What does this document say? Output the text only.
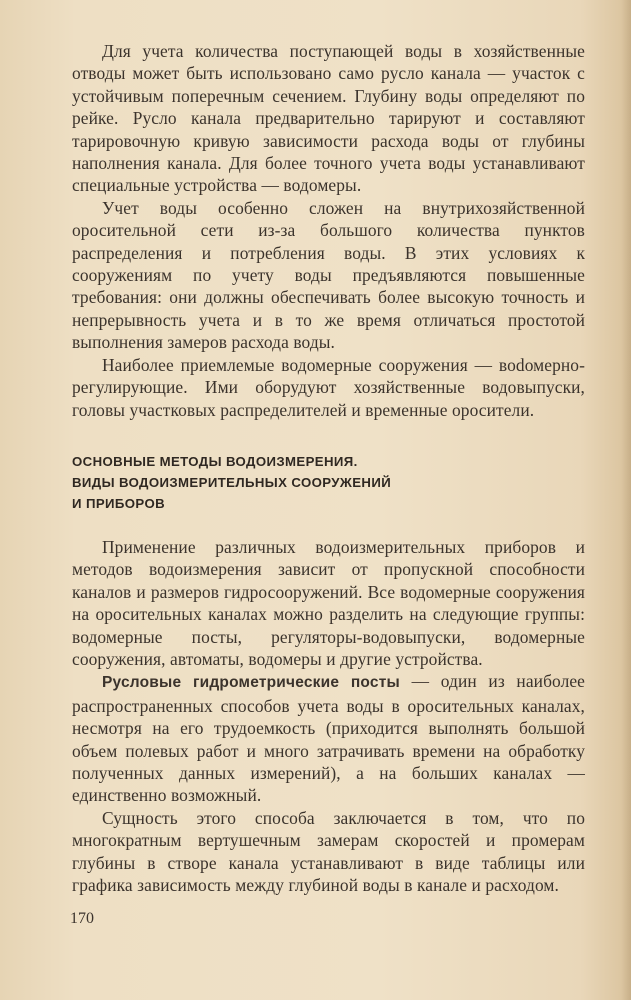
Для учета количества поступающей воды в хозяйственные отводы может быть использовано само русло канала — участок с устойчивым поперечным сечением. Глубину воды определяют по рейке. Русло канала предварительно тарируют и составляют тарировочную кривую зависимости расхода воды от глубины наполнения канала. Для более точного учета воды устанавливают специальные устройства — водомеры.

Учет воды особенно сложен на внутрихозяйственной оросительной сети из-за большого количества пунктов распределения и потребления воды. В этих условиях к сооружениям по учету воды предъявляются повышенные требования: они должны обеспечивать более высокую точность и непрерывность учета и в то же время отличаться простотой выполнения замеров расхода воды.

Наиболее приемлемые водомерные сооружения — воdомерно-регулирующие. Ими оборудуют хозяйственные водовыпуски, головы участковых распределителей и временные оросители.

ОСНОВНЫЕ МЕТОДЫ ВОДОИЗМЕРЕНИЯ.
ВИДЫ ВОДОИЗМЕРИТЕЛЬНЫХ СООРУЖЕНИЙ
И ПРИБОРОВ

Применение различных водоизмерительных приборов и методов водоизмерения зависит от пропускной способности каналов и размеров гидросооружений. Все водомерные сооружения на оросительных каналах можно разделить на следующие группы: водомерные посты, регуляторы-водовыпуски, водомерные сооружения, автоматы, водомеры и другие устройства.

Русловые гидрометрические посты — один из наиболее распространенных способов учета воды в оросительных каналах, несмотря на его трудоемкость (приходится выполнять большой объем полевых работ и много затрачивать времени на обработку полученных данных измерений), а на больших каналах — единственно возможный.

Сущность этого способа заключается в том, что по многократным вертушечным замерам скоростей и промерам глубины в створе канала устанавливают в виде таблицы или графика зависимость между глубиной воды в канале и расходом.

170
